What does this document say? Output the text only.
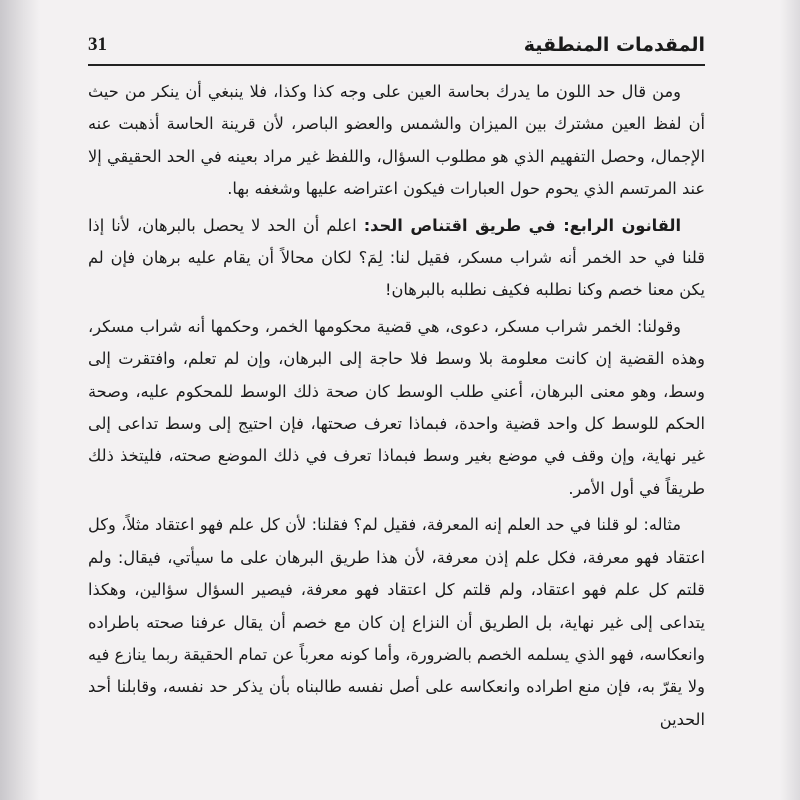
المقدمات المنطقية
31

ومن قال حد اللون ما يدرك بحاسة العين على وجه كذا وكذا، فلا ينبغي أن ينكر من حيث أن لفظ العين مشترك بين الميزان والشمس والعضو الباصر، لأن قرينة الحاسة أذهبت عنه الإجمال، وحصل التفهيم الذي هو مطلوب السؤال، واللفظ غير مراد بعينه في الحد الحقيقي إلا عند المرتسم الذي يحوم حول العبارات فيكون اعتراضه عليها وشغفه بها.

القانون الرابع: في طريق اقتناص الحد: اعلم أن الحد لا يحصل بالبرهان، لأنا إذا قلنا في حد الخمر أنه شراب مسكر، فقيل لنا: لِمَ؟ لكان محالاً أن يقام عليه برهان فإن لم يكن معنا خصم وكنا نطلبه فكيف نطلبه بالبرهان!

وقولنا: الخمر شراب مسكر، دعوى، هي قضية محكومها الخمر، وحكمها أنه شراب مسكر، وهذه القضية إن كانت معلومة بلا وسط فلا حاجة إلى البرهان، وإن لم تعلم، وافتقرت إلى وسط، وهو معنى البرهان، أعني طلب الوسط كان صحة ذلك الوسط للمحكوم عليه، وصحة الحكم للوسط كل واحد قضية واحدة، فبماذا تعرف صحتها، فإن احتيج إلى وسط تداعى إلى غير نهاية، وإن وقف في موضع بغير وسط فبماذا تعرف في ذلك الموضع صحته، فليتخذ ذلك طريقاً في أول الأمر.

مثاله: لو قلنا في حد العلم إنه المعرفة، فقيل لم؟ فقلنا: لأن كل علم فهو اعتقاد مثلاً، وكل اعتقاد فهو معرفة، فكل علم إذن معرفة، لأن هذا طريق البرهان على ما سيأتي، فيقال: ولم قلتم كل علم فهو اعتقاد، ولم قلتم كل اعتقاد فهو معرفة، فيصير السؤال سؤالين، وهكذا يتداعى إلى غير نهاية، بل الطريق أن النزاع إن كان مع خصم أن يقال عرفنا صحته باطراده وانعكاسه، فهو الذي يسلمه الخصم بالضرورة، وأما كونه معرباً عن تمام الحقيقة ربما ينازع فيه ولا يقرّ به، فإن منع اطراده وانعكاسه على أصل نفسه طالبناه بأن يذكر حد نفسه، وقابلنا أحد الحدين
